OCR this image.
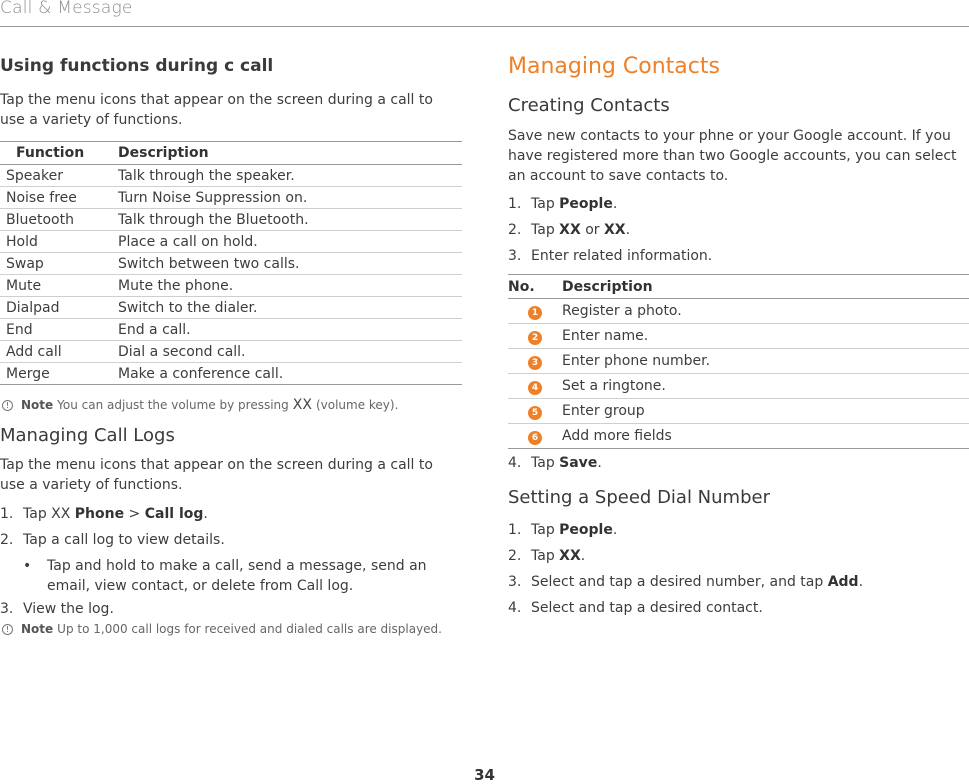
Call & Message
Using functions during c call

Tap the menu icons that appear on the screen during a call to use a variety of functions.

Function	Description
Speaker	Talk through the speaker.
Noise free	Turn Noise Suppression on.
Bluetooth	Talk through the Bluetooth.
Hold	Place a call on hold.
Swap	Switch between two calls.
Mute	Mute the phone.
Dialpad	Switch to the dialer.
End	End a call.
Add call	Dial a second call.
Merge	Make a conference call.
! Note You can adjust the volume by pressing XX (volume key).
Managing Call Logs

Tap the menu icons that appear on the screen during a call to use a variety of functions.

1. Tap XX Phone > Call log.
2. Tap a call log to view details.
•	Tap and hold to make a call, send a message, send an email, view contact, or delete from Call log.
3. View the log.
! Note Up to 1,000 call logs for received and dialed calls are displayed.
Managing Contacts
Creating Contacts

Save new contacts to your phne or your Google account. If you have registered more than two Google accounts, you can select an account to save contacts to.

1. Tap People.
2. Tap XX or XX.
3. Enter related information.
No.	Description
1	Register a photo.
2	Enter name.
3	Enter phone number.
4	Set a ringtone.
5	Enter group
6	Add more fields
4. Tap Save.
Setting a Speed Dial Number
1. Tap People.
2. Tap XX.
3. Select and tap a desired number, and tap Add.
4. Select and tap a desired contact.
34
